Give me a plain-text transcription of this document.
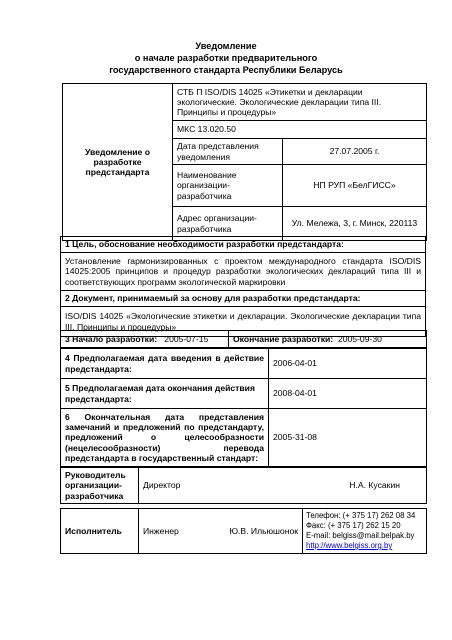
Уведомление
о начале разработки предварительного
государственного стандарта Республики Беларусь
Уведомление о разработке предстандарта	СТБ П ISO/DIS 14025 «Этикетки и декларации экологические. Экологические декларации типа III. Принципы и процедуры»	
	МКС 13.020.50	
	Дата представления уведомления	27.07.2005 г.
	Наименование организации-разработчика	НП РУП «БелГИСС»
	Адрес организации-разработчика	Ул. Мележа, 3, г. Минск, 220113
1 Цель, обоснование необходимости разработки предстандарта:
Установление гармонизированных с проектом международного стандарта ISO/DIS 14025:2005 принципов и процедур разработки экологических деклараций типа III и соответствующих программ экологической маркировки
2 Документ, принимаемый за основу для разработки предстандарта:
ISO/DIS 14025 «Экологические этикетки и декларации. Экологические декларации типа III. Принципы и процедуры»
3 Начало разработки: 2005-07-15	Окончание разработки: 2005-09-30
4 Предполагаемая дата введения в действие предстандарта:	2006-04-01
5 Предполагаемая дата окончания действия предстандарта:	2008-04-01
6 Окончательная дата представления замечаний и предложений по предстандарту, предложений о целесообразности (нецелесообразности) перевода предстандарта в государственный стандарт:	2005-31-08
Руководитель организации-разработчика	Директор	Н.А. Кусакин
Исполнитель	Инженер	Ю.В. Ильюшонок

Телефон: (+ 375 17) 262 08 34
Факс: (+ 375 17) 262 15 20
E-mail: belgiss@mail.belpak.by
http://www.belgiss.org.by
